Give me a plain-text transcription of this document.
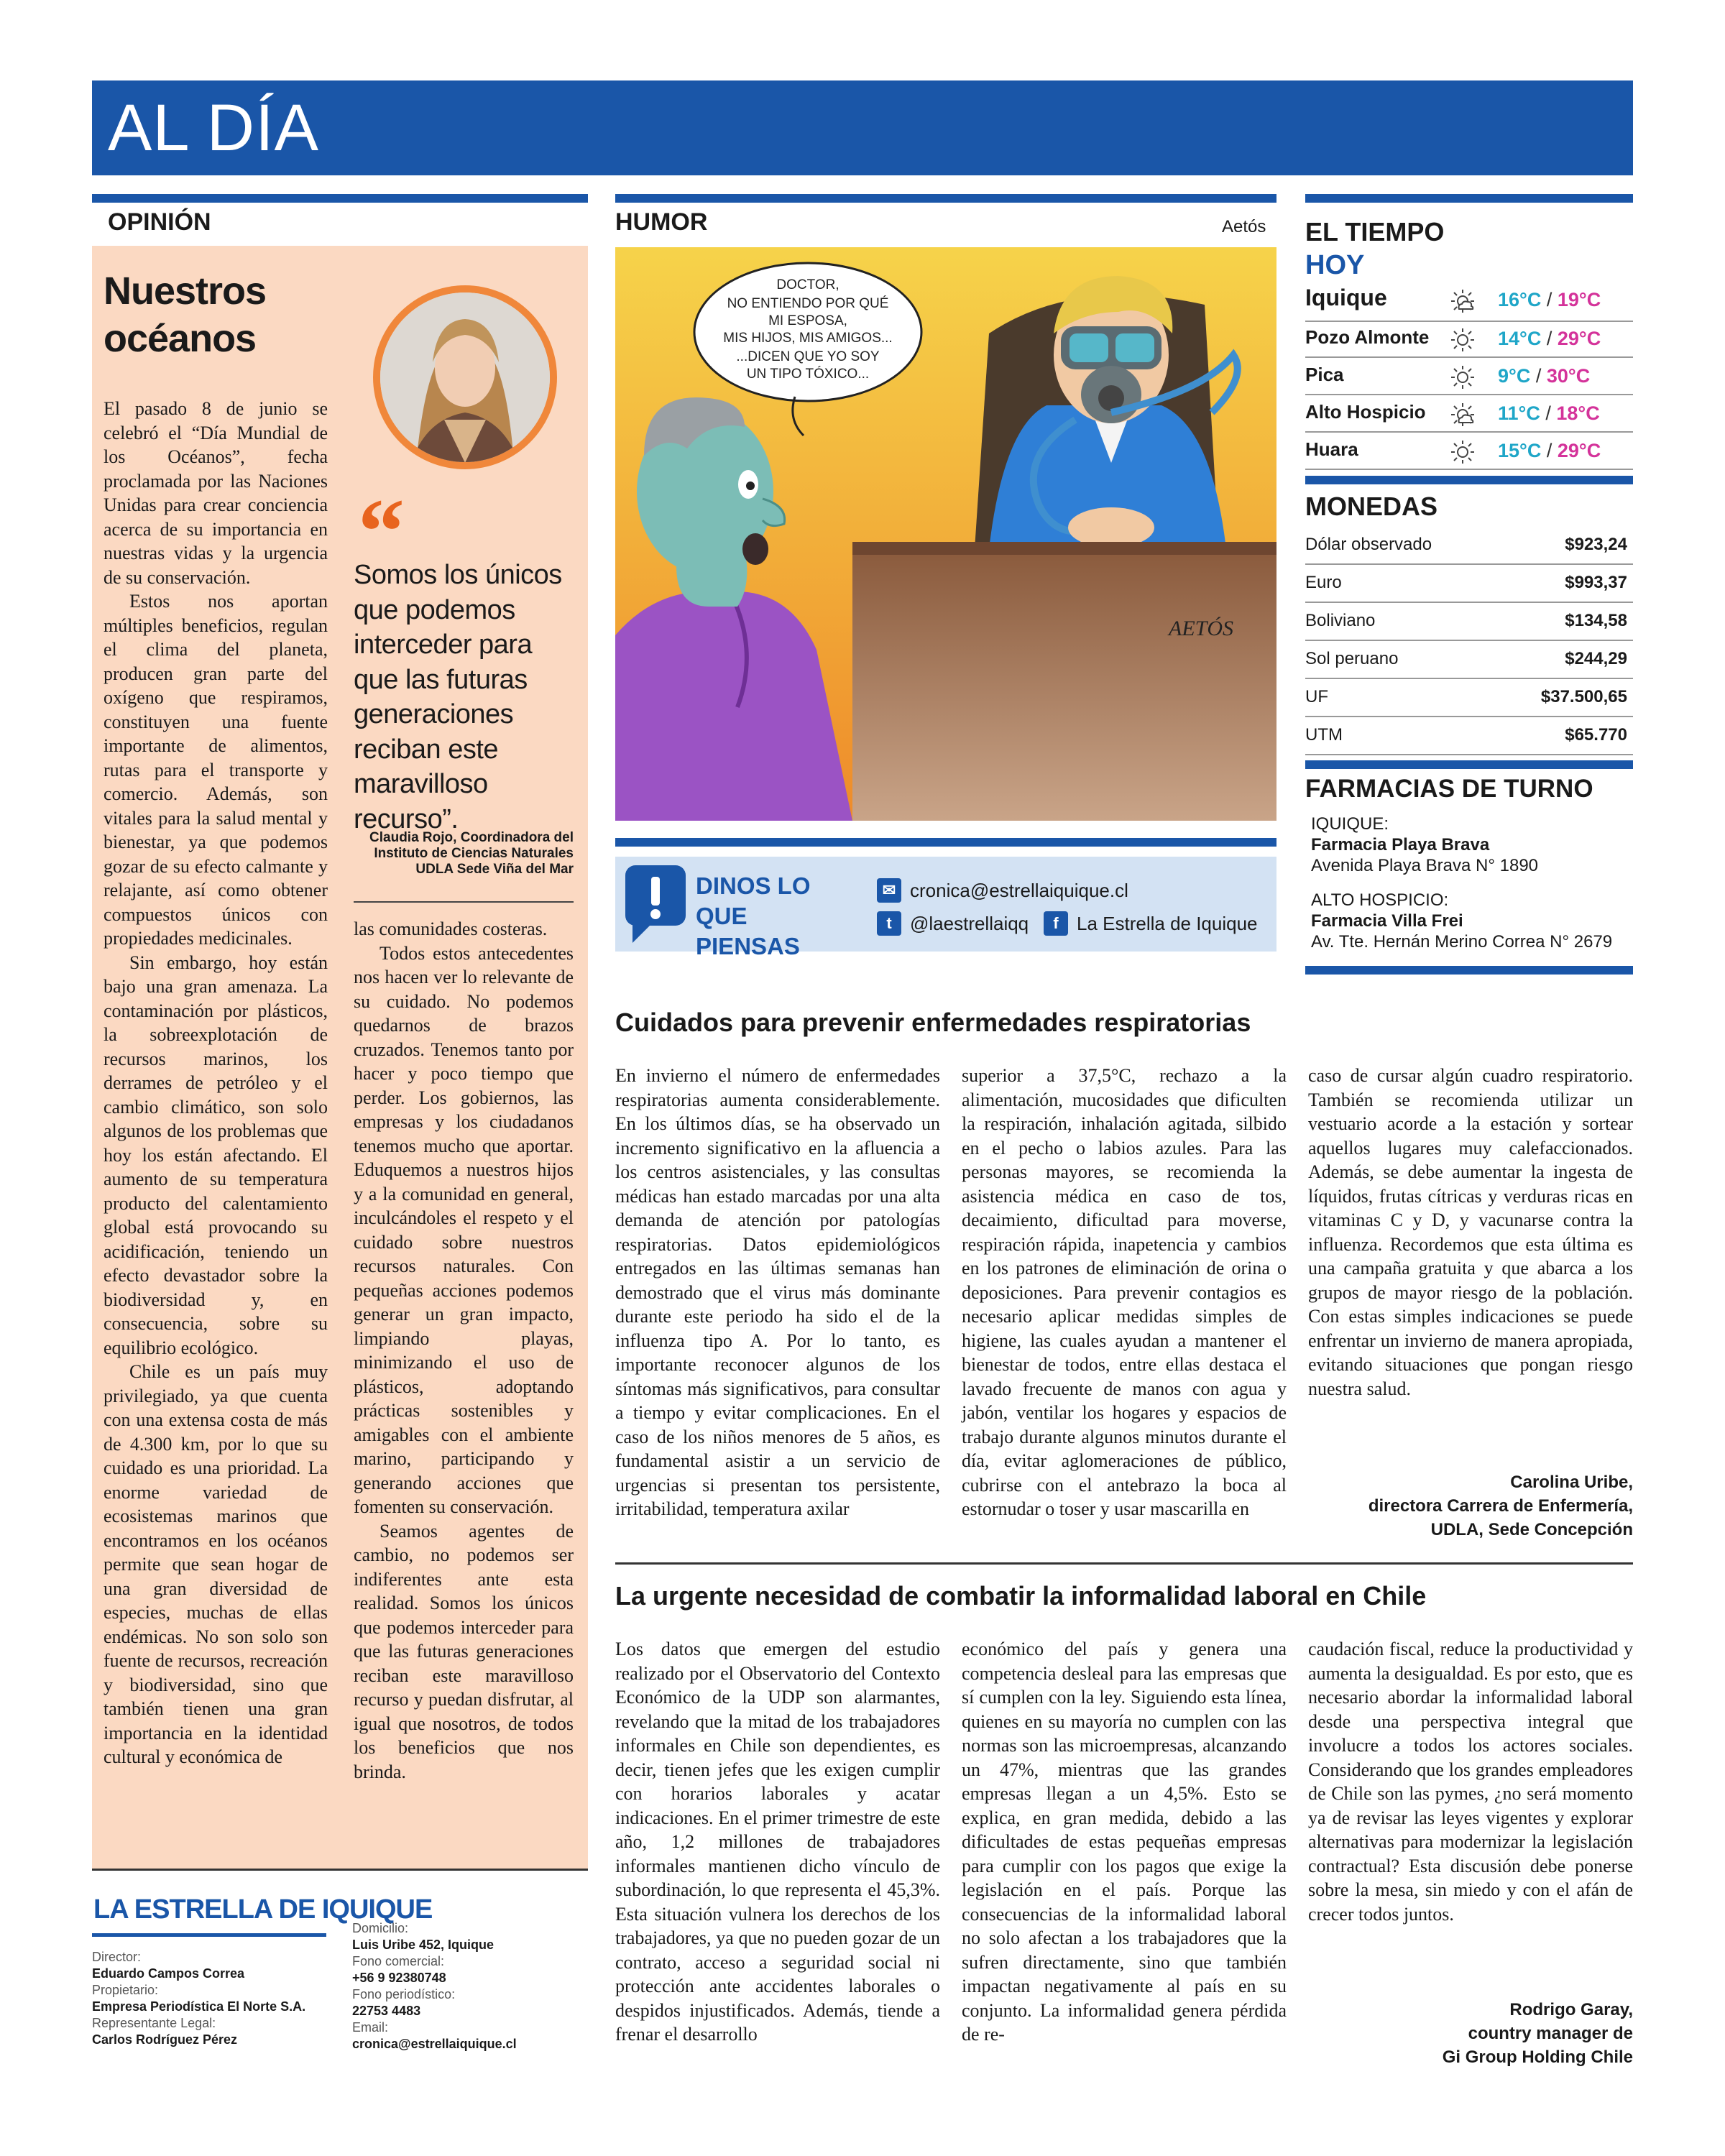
AL DÍA
OPINIÓN
Nuestros
océanos

El pasado 8 de junio se celebró el “Día Mundial de los Océanos”, fecha proclamada por las Naciones Unidas para crear conciencia acerca de su importancia en nuestras vidas y la urgencia de su conservación.

Estos nos aportan múltiples beneficios, regulan el clima del planeta, producen gran parte del oxígeno que respiramos, constituyen una fuente importante de alimentos, rutas para el transporte y comercio. Además, son vitales para la salud mental y bienestar, ya que podemos gozar de su efecto calmante y relajante, así como obtener compuestos únicos con propiedades medicinales.

Sin embargo, hoy están bajo una gran amenaza. La contaminación por plásticos, la sobreexplotación de recursos marinos, los derrames de petróleo y el cambio climático, son solo algunos de los problemas que hoy los están afectando. El aumento de su temperatura producto del calentamiento global está provocando su acidificación, teniendo un efecto devastador sobre la biodiversidad y, en consecuencia, sobre su equilibrio ecológico.

Chile es un país muy privilegiado, ya que cuenta con una extensa costa de más de 4.300 km, por lo que su cuidado es una prioridad. La enorme variedad de ecosistemas marinos que encontramos en los océanos permite que sean hogar de una gran diversidad de especies, muchas de ellas endémicas. No son solo son fuente de recursos, recreación y biodiversidad, sino que también tienen una gran importancia en la identidad cultural y económica de

“
Somos los únicos que podemos interceder para que las futuras generaciones reciban este maravilloso recurso”.
Claudia Rojo, Coordinadora del
Instituto de Ciencias Naturales
UDLA Sede Viña del Mar

las comunidades costeras.

Todos estos antecedentes nos hacen ver lo relevante de su cuidado. No podemos quedarnos de brazos cruzados. Tenemos tanto por hacer y poco tiempo que perder. Los gobiernos, las empresas y los ciudadanos tenemos mucho que aportar. Eduquemos a nuestros hijos y a la comunidad en general, inculcándoles el respeto y el cuidado sobre nuestros recursos naturales. Con pequeñas acciones podemos generar un gran impacto, limpiando playas, minimizando el uso de plásticos, adoptando prácticas sostenibles y amigables con el ambiente marino, participando y generando acciones que fomenten su conservación.

Seamos agentes de cambio, no podemos ser indiferentes ante esta realidad. Somos los únicos que podemos interceder para que las futuras generaciones reciban este maravilloso recurso y puedan disfrutar, al igual que nosotros, de todos los beneficios que nos brinda.

HUMOR	Aetós
AETÓS
DOCTOR,
NO ENTIENDO POR QUÉ
MI ESPOSA,
MIS HIJOS, MIS AMIGOS...
...DICEN QUE YO SOY
UN TIPO TÓXICO...
DINOS LO
QUE PIENSAS
✉ cronica@estrellaiquique.cl
t @laestrellaiqq	f La Estrella de Iquique
EL TIEMPO
HOY
Iquique	16°C / 19°C
Pozo Almonte	14°C / 29°C
Pica	9°C / 30°C
Alto Hospicio	11°C / 18°C
Huara	15°C / 29°C
MONEDAS
Dólar observado	$923,24
Euro	$993,37
Boliviano	$134,58
Sol peruano	$244,29
UF	$37.500,65
UTM	$65.770
FARMACIAS DE TURNO
IQUIQUE:
Farmacia Playa Brava
Avenida Playa Brava N° 1890
ALTO HOSPICIO:
Farmacia Villa Frei
Av. Tte. Hernán Merino Correa N° 2679
Cuidados para prevenir enfermedades respiratorias

En invierno el número de enfermedades respiratorias aumenta considerablemente. En los últimos días, se ha observado un incremento significativo en la afluencia a los centros asistenciales, y las consultas médicas han estado marcadas por una alta demanda de atención por patologías respiratorias. Datos epidemiológicos entregados en las últimas semanas han demostrado que el virus más dominante durante este periodo ha sido el de la influenza tipo A. Por lo tanto, es importante reconocer algunos de los síntomas más significativos, para consultar a tiempo y evitar complicaciones. En el caso de los niños menores de 5 años, es fundamental asistir a un servicio de urgencias si presentan tos persistente, irritabilidad, temperatura axilar

superior a 37,5°C, rechazo a la alimentación, mucosidades que dificulten la respiración, inhalación agitada, silbido en el pecho o labios azules. Para las personas mayores, se recomienda la asistencia médica en caso de tos, decaimiento, dificultad para moverse, respiración rápida, inapetencia y cambios en los patrones de eliminación de orina o deposiciones. Para prevenir contagios es necesario aplicar medidas simples de higiene, las cuales ayudan a mantener el bienestar de todos, entre ellas destaca el lavado frecuente de manos con agua y jabón, ventilar los hogares y espacios de trabajo durante algunos minutos durante el día, evitar aglomeraciones de público, cubrirse con el antebrazo la boca al estornudar o toser y usar mascarilla en

caso de cursar algún cuadro respiratorio. También se recomienda utilizar un vestuario acorde a la estación y sortear aquellos lugares muy calefaccionados. Además, se debe aumentar la ingesta de líquidos, frutas cítricas y verduras ricas en vitaminas C y D, y vacunarse contra la influenza. Recordemos que esta última es una campaña gratuita y que abarca a los grupos de mayor riesgo de la población. Con estas simples indicaciones se puede enfrentar un invierno de manera apropiada, evitando situaciones que pongan riesgo nuestra salud.

Carolina Uribe,
directora Carrera de Enfermería,
UDLA, Sede Concepción
La urgente necesidad de combatir la informalidad laboral en Chile

Los datos que emergen del estudio realizado por el Observatorio del Contexto Económico de la UDP son alarmantes, revelando que la mitad de los trabajadores informales en Chile son dependientes, es decir, tienen jefes que les exigen cumplir con horarios laborales y acatar indicaciones. En el primer trimestre de este año, 1,2 millones de trabajadores informales mantienen dicho vínculo de subordinación, lo que representa el 45,3%. Esta situación vulnera los derechos de los trabajadores, ya que no pueden gozar de un contrato, acceso a seguridad social ni protección ante accidentes laborales o despidos injustificados. Además, tiende a frenar el desarrollo

económico del país y genera una competencia desleal para las empresas que sí cumplen con la ley. Siguiendo esta línea, quienes en su mayoría no cumplen con las normas son las microempresas, alcanzando un 47%, mientras que las grandes empresas llegan a un 4,5%. Esto se explica, en gran medida, debido a las dificultades de estas pequeñas empresas para cumplir con los pagos que exige la legislación en el país. Porque las consecuencias de la informalidad laboral no solo afectan a los trabajadores que la sufren directamente, sino que también impactan negativamente al país en su conjunto. La informalidad genera pérdida de re-

caudación fiscal, reduce la productividad y aumenta la desigualdad. Es por esto, que es necesario abordar la informalidad laboral desde una perspectiva integral que involucre a todos los actores sociales. Considerando que los grandes empleadores de Chile son las pymes, ¿no será momento ya de revisar las leyes vigentes y explorar alternativas para modernizar la legislación contractual? Esta discusión debe ponerse sobre la mesa, sin miedo y con el afán de crecer todos juntos.

Rodrigo Garay,
country manager de
Gi Group Holding Chile
LA ESTRELLA DE IQUIQUE
Director:
Eduardo Campos Correa
Propietario:
Empresa Periodística El Norte S.A.
Representante Legal:
Carlos Rodríguez Pérez
Domicilio:
Luis Uribe 452, Iquique
Fono comercial:
+56 9 92380748
Fono periodístico:
22753 4483
Email:
cronica@estrellaiquique.cl
